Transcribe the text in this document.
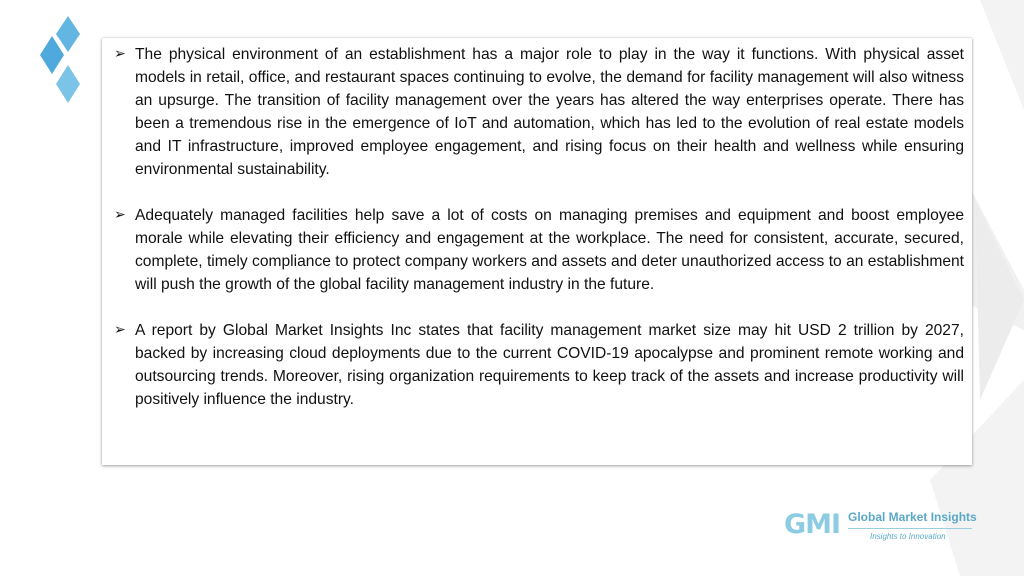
➢ The physical environment of an establishment has a major role to play in the way it functions. With physical asset models in retail, office, and restaurant spaces continuing to evolve, the demand for facility management will also witness an upsurge. The transition of facility management over the years has altered the way enterprises operate. There has been a tremendous rise in the emergence of IoT and automation, which has led to the evolution of real estate models and IT infrastructure, improved employee engagement, and rising focus on their health and wellness while ensuring environmental sustainability.

➢ Adequately managed facilities help save a lot of costs on managing premises and equipment and boost employee morale while elevating their efficiency and engagement at the workplace. The need for consistent, accurate, secured, complete, timely compliance to protect company workers and assets and deter unauthorized access to an establishment will push the growth of the global facility management industry in the future.

➢ A report by Global Market Insights Inc states that facility management market size may hit USD 2 trillion by 2027, backed by increasing cloud deployments due to the current COVID-19 apocalypse and prominent remote working and outsourcing trends. Moreover, rising organization requirements to keep track of the assets and increase productivity will positively influence the industry.

GMI Global Market Insights
Insights to Innovation
